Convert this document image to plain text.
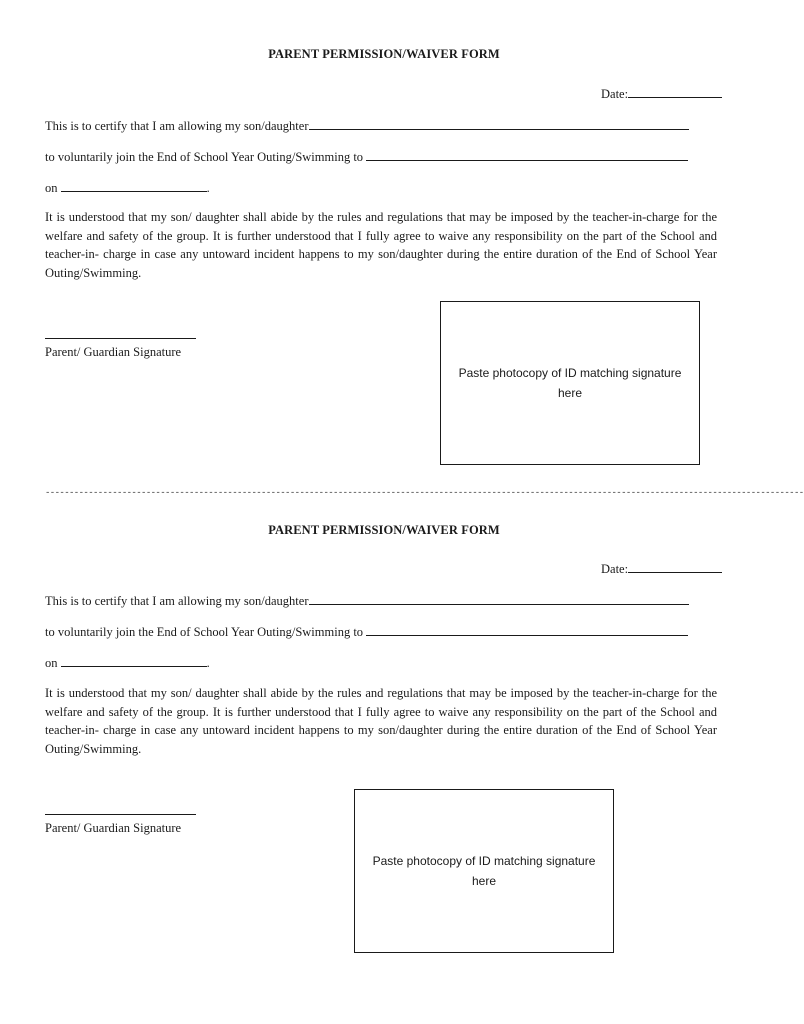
PARENT PERMISSION/WAIVER FORM
Date:
This is to certify that I am allowing my son/daughter
to voluntarily join the End of School Year Outing/Swimming to
on	.
It is understood that my son/ daughter shall abide by the rules and regulations that may be imposed by the teacher-in-charge for the welfare and safety of the group. It is further understood that I fully agree to waive any responsibility on the part of the School and teacher-in- charge in case any untoward incident happens to my son/daughter during the entire duration of the End of School Year Outing/Swimming.
Parent/ Guardian Signature
Paste photocopy of ID matching signature here
--------------------------------------------------------------------------------------------------------------------------------------------------------------
PARENT PERMISSION/WAIVER FORM
Date:
This is to certify that I am allowing my son/daughter
to voluntarily join the End of School Year Outing/Swimming to
on	.
It is understood that my son/ daughter shall abide by the rules and regulations that may be imposed by the teacher-in-charge for the welfare and safety of the group. It is further understood that I fully agree to waive any responsibility on the part of the School and teacher-in- charge in case any untoward incident happens to my son/daughter during the entire duration of the End of School Year Outing/Swimming.
Parent/ Guardian Signature
Paste photocopy of ID matching signature here
